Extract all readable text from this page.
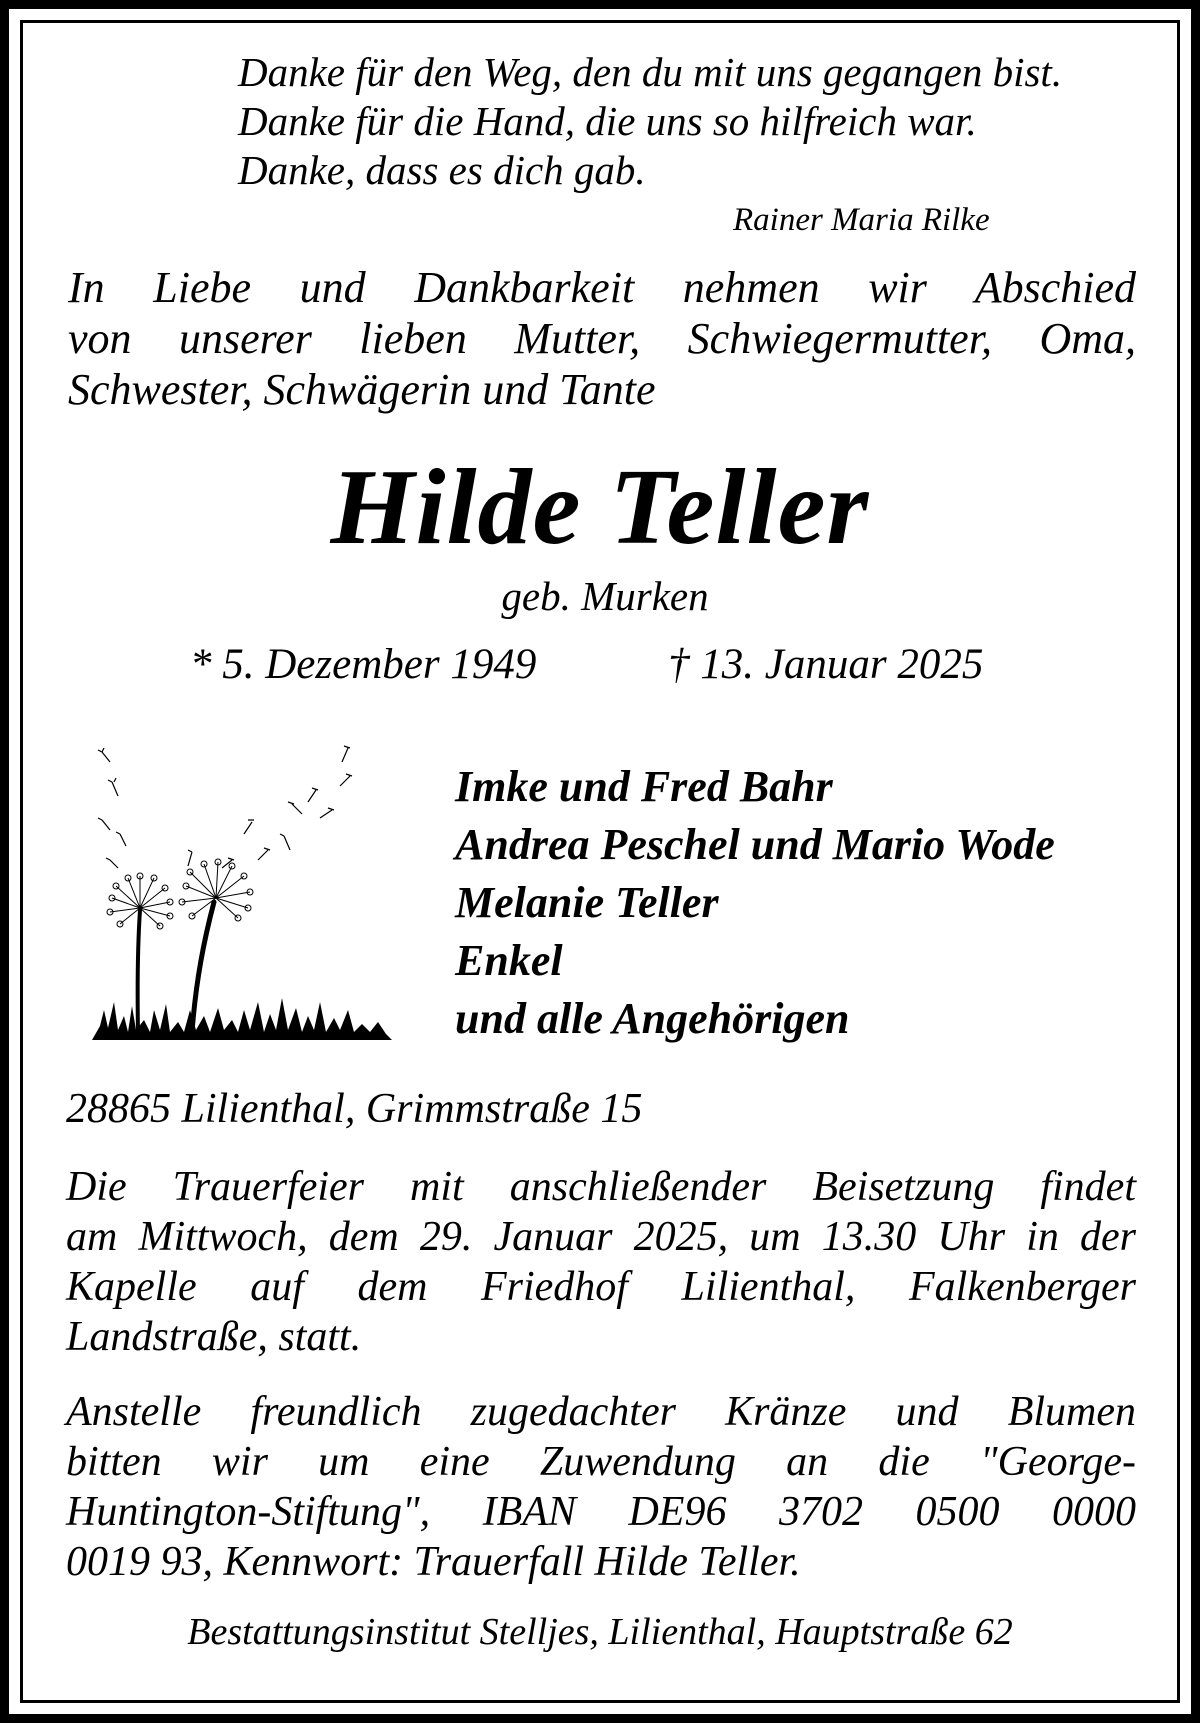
Danke für den Weg, den du mit uns gegangen bist.
Danke für die Hand, die uns so hilfreich war.
Danke, dass es dich gab.
Rainer Maria Rilke
In Liebe und Dankbarkeit nehmen wir Abschied
von unserer lieben Mutter, Schwiegermutter, Oma,
Schwester, Schwägerin und Tante
Hilde Teller
geb. Murken
* 5. Dezember 1949	† 13. Januar 2025
Imke und Fred Bahr
Andrea Peschel und Mario Wode
Melanie Teller
Enkel
und alle Angehörigen
28865 Lilienthal, Grimmstraße 15
Die Trauerfeier mit anschließender Beisetzung findet
am Mittwoch, dem 29. Januar 2025, um 13.30 Uhr in der
Kapelle auf dem Friedhof Lilienthal, Falkenberger
Landstraße, statt.
Anstelle freundlich zugedachter Kränze und Blumen
bitten wir um eine Zuwendung an die "George-
Huntington-Stiftung", IBAN DE96 3702 0500 0000
0019 93, Kennwort: Trauerfall Hilde Teller.
Bestattungsinstitut Stelljes, Lilienthal, Hauptstraße 62
